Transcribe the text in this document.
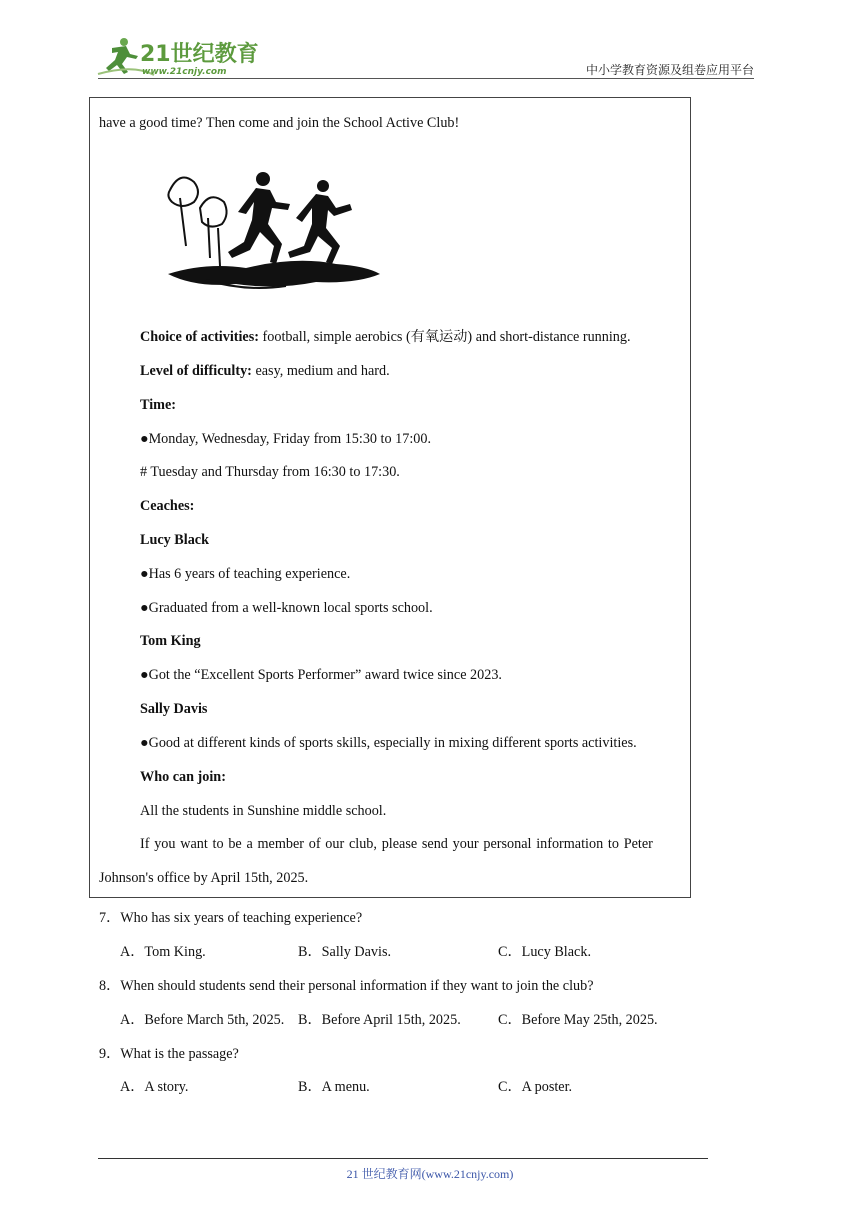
21世纪教育
www.21cnjy.com	中小学教育资源及组卷应用平台
have a good time? Then come and join the School Active Club!
Choice of activities: football, simple aerobics (有氧运动) and short-distance running.
Level of difficulty: easy, medium and hard.
Time:
●Monday, Wednesday, Friday from 15:30 to 17:00.
# Tuesday and Thursday from 16:30 to 17:30.
Ceaches:
Lucy Black
●Has 6 years of teaching experience.
●Graduated from a well-known local sports school.
Tom King
●Got the “Excellent Sports Performer” award twice since 2023.
Sally Davis
●Good at different kinds of sports skills, especially in mixing different sports activities.
Who can join:
All the students in Sunshine middle school.
If you want to be a member of our club, please send your personal information to Peter
Johnson's office by April 15th, 2025.
7．Who has six years of teaching experience?
A．Tom King.	B．Sally Davis.	C．Lucy Black.
8．When should students send their personal information if they want to join the club?
A．Before March 5th, 2025. B．Before April 15th, 2025.	C．Before May 25th, 2025.
9．What is the passage?
A．A story.	B．A menu.	C．A poster.
21 世纪教育网(www.21cnjy.com)
